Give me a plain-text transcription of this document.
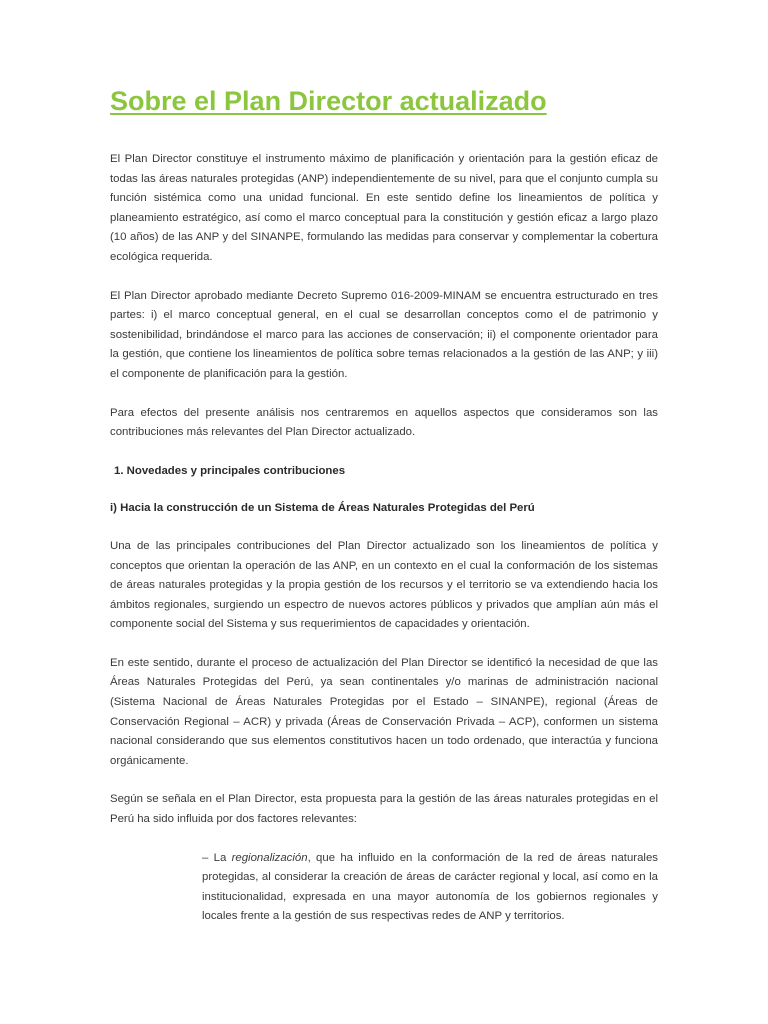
Sobre el Plan Director actualizado

El Plan Director constituye el instrumento máximo de planificación y orientación para la gestión eficaz de todas las áreas naturales protegidas (ANP) independientemente de su nivel, para que el conjunto cumpla su función sistémica como una unidad funcional. En este sentido define los lineamientos de política y planeamiento estratégico, así como el marco conceptual para la constitución y gestión eficaz a largo plazo (10 años) de las ANP y del SINANPE, formulando las medidas para conservar y complementar la cobertura ecológica requerida.

El Plan Director aprobado mediante Decreto Supremo 016-2009-MINAM se encuentra estructurado en tres partes: i) el marco conceptual general, en el cual se desarrollan conceptos como el de patrimonio y sostenibilidad, brindándose el marco para las acciones de conservación; ii) el componente orientador para la gestión, que contiene los lineamientos de política sobre temas relacionados a la gestión de las ANP; y iii) el componente de planificación para la gestión.

Para efectos del presente análisis nos centraremos en aquellos aspectos que consideramos son las contribuciones más relevantes del Plan Director actualizado.

1. Novedades y principales contribuciones
i) Hacia la construcción de un Sistema de Áreas Naturales Protegidas del Perú

Una de las principales contribuciones del Plan Director actualizado son los lineamientos de política y conceptos que orientan la operación de las ANP, en un contexto en el cual la conformación de los sistemas de áreas naturales protegidas y la propia gestión de los recursos y el territorio se va extendiendo hacia los ámbitos regionales, surgiendo un espectro de nuevos actores públicos y privados que amplían aún más el componente social del Sistema y sus requerimientos de capacidades y orientación.

En este sentido, durante el proceso de actualización del Plan Director se identificó la necesidad de que las Áreas Naturales Protegidas del Perú, ya sean continentales y/o marinas de administración nacional (Sistema Nacional de Áreas Naturales Protegidas por el Estado – SINANPE), regional (Áreas de Conservación Regional – ACR) y privada (Áreas de Conservación Privada – ACP), conformen un sistema nacional considerando que sus elementos constitutivos hacen un todo ordenado, que interactúa y funciona orgánicamente.

Según se señala en el Plan Director, esta propuesta para la gestión de las áreas naturales protegidas en el Perú ha sido influida por dos factores relevantes:

– La regionalización, que ha influido en la conformación de la red de áreas naturales protegidas, al considerar la creación de áreas de carácter regional y local, así como en la institucionalidad, expresada en una mayor autonomía de los gobiernos regionales y locales frente a la gestión de sus respectivas redes de ANP y territorios.
